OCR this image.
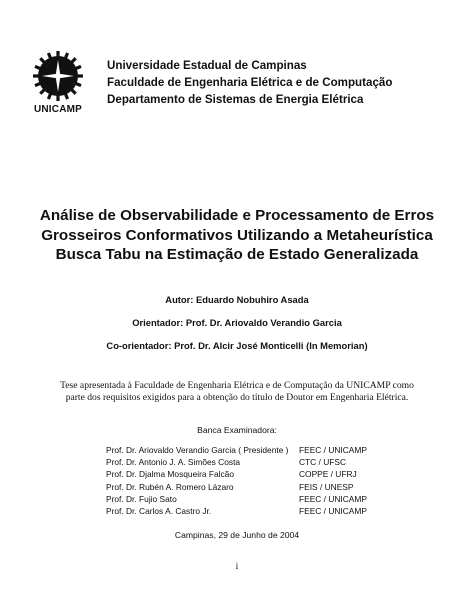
UNICAMP
Universidade Estadual de Campinas
Faculdade de Engenharia Elétrica e de Computação
Departamento de Sistemas de Energia Elétrica
Análise de Observabilidade e Processamento de Erros
Grosseiros Conformativos Utilizando a Metaheurística
Busca Tabu na Estimação de Estado Generalizada
Autor: Eduardo Nobuhiro Asada
Orientador: Prof. Dr. Ariovaldo Verandio Garcia
Co-orientador: Prof. Dr. Alcir José Monticelli (In Memorian)
Tese apresentada à Faculdade de Engenharia Elétrica e de Computação da UNICAMP como
parte dos requisitos exigidos para a obtenção do título de Doutor em Engenharia Elétrica.
Banca Examinadora:
Prof. Dr. Ariovaldo Verandio Garcia ( Presidente )	FEEC / UNICAMP
Prof. Dr. Antonio J. A. Simões Costa	CTC / UFSC
Prof. Dr. Djalma Mosqueira Falcão	COPPE / UFRJ
Prof. Dr. Rubén A. Romero Lázaro	FEIS / UNESP
Prof. Dr. Fujio Sato	FEEC / UNICAMP
Prof. Dr. Carlos A. Castro Jr.	FEEC / UNICAMP
Campinas, 29 de Junho de 2004
i
